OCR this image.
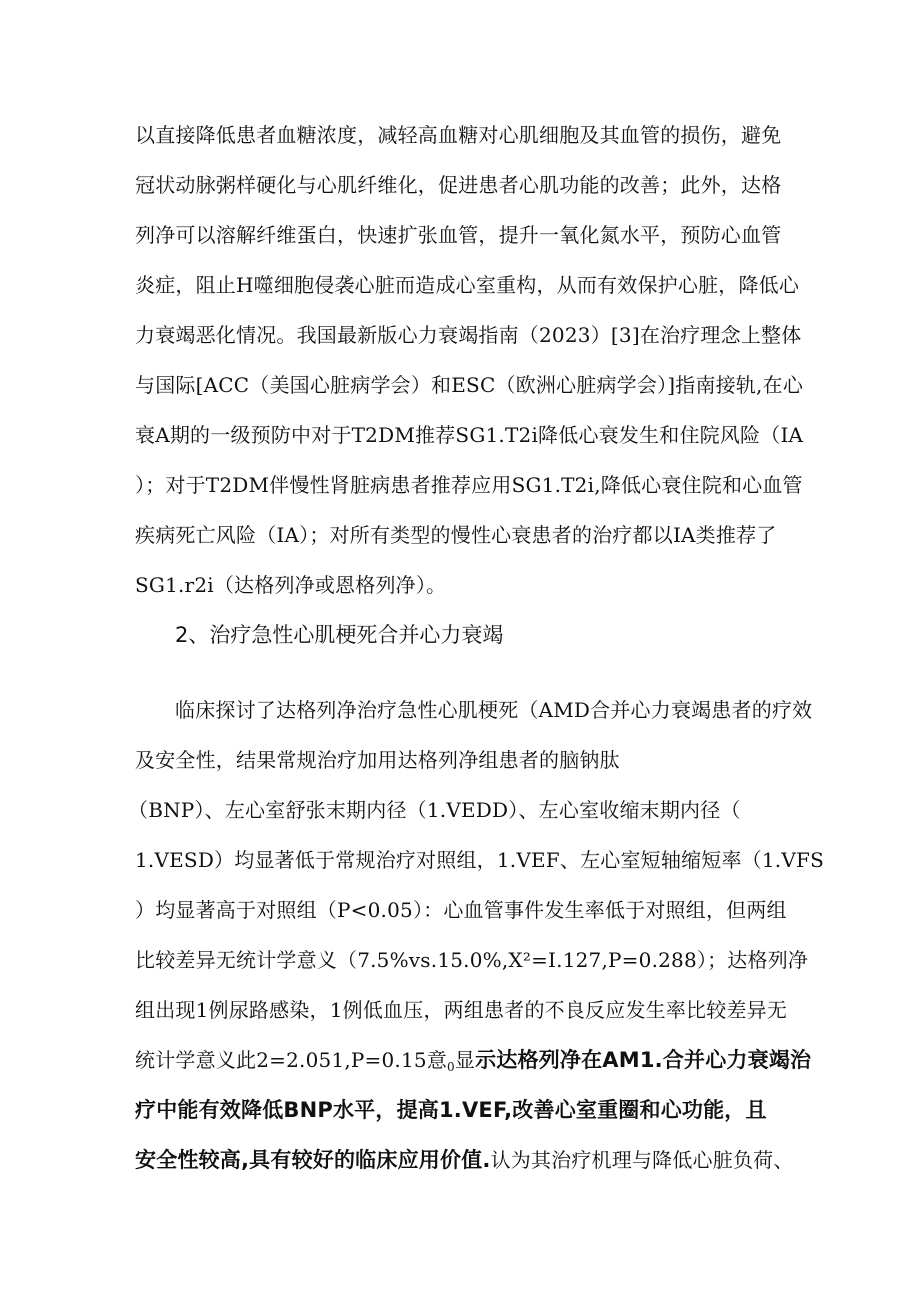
以直接降低患者血糖浓度，减轻高血糖对心肌细胞及其血管的损伤，避免
冠状动脉粥样硬化与心肌纤维化，促进患者心肌功能的改善；此外，达格
列净可以溶解纤维蛋白，快速扩张血管，提升一氧化氮水平，预防心血管
炎症，阻止H噬细胞侵袭心脏而造成心室重构，从而有效保护心脏，降低心
力衰竭恶化情况。我国最新版心力衰竭指南（2023）[3]在治疗理念上整体
与国际[ACC（美国心脏病学会）和ESC（欧洲心脏病学会）]指南接轨,在心
衰A期的一级预防中对于T2DM推荐SG1.T2i降低心衰发生和住院风险（IA
）；对于T2DM伴慢性肾脏病患者推荐应用SG1.T2i,降低心衰住院和心血管
疾病死亡风险（IA）；对所有类型的慢性心衰患者的治疗都以IA类推荐了
SG1.r2i（达格列净或恩格列净）。
2、治疗急性心肌梗死合并心力衰竭
临床探讨了达格列净治疗急性心肌梗死（AMD合并心力衰竭患者的疗效
及安全性，结果常规治疗加用达格列净组患者的脑钠肽
（BNP）、左心室舒张末期内径（1.VEDD）、左心室收缩末期内径（
1.VESD）均显著低于常规治疗对照组，1.VEF、左心室短轴缩短率（1.VFS
）均显著高于对照组（P<0.05）：心血管事件发生率低于对照组，但两组
比较差异无统计学意义（7.5%vs.15.0%,X²=I.127,P=0.288）；达格列净
组出现1例尿路感染，1例低血压，两组患者的不良反应发生率比较差异无
统计学意义此2=2.051,P=0.15意$_0$显示达格列净在AM1.合并心力衰竭治
疗中能有效降低BNP水平，提高1.VEF,改善心室重圈和心功能，且
安全性较高,具有较好的临床应用价值.认为其治疗机理与降低心脏负荷、
